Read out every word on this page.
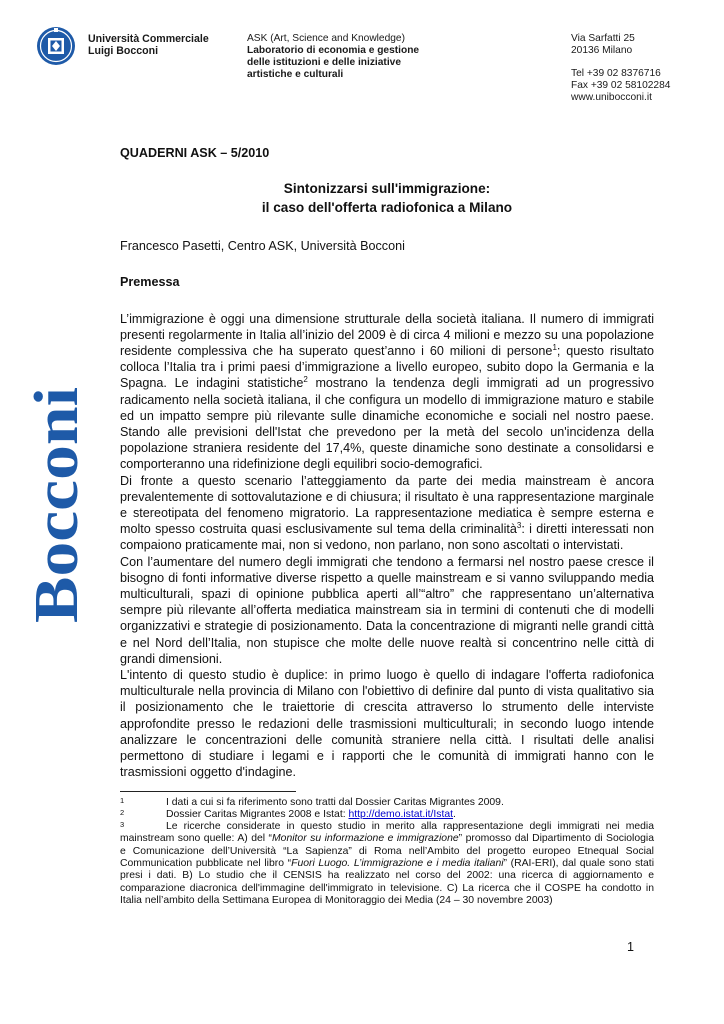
Università Commerciale
Luigi Bocconi
ASK (Art, Science and Knowledge)
Laboratorio di economia e gestione
delle istituzioni e delle iniziative
artistiche e culturali
Via Sarfatti 25
20136 Milano
Tel +39 02 8376716
Fax +39 02 58102284
www.unibocconi.it
Bocconi

QUADERNI ASK – 5/2010

Sintonizzarsi sull'immigrazione:
il caso dell'offerta radiofonica a Milano

Francesco Pasetti, Centro ASK, Università Bocconi

Premessa

L’immigrazione è oggi una dimensione strutturale della società italiana. Il numero di immigrati presenti regolarmente in Italia all’inizio del 2009 è di circa 4 milioni e mezzo su una popolazione residente complessiva che ha superato quest’anno i 60 milioni di persone$^1$; questo risultato colloca l’Italia tra i primi paesi d’immigrazione a livello europeo, subito dopo la Germania e la Spagna. Le indagini statistiche$^2$ mostrano la tendenza degli immigrati ad un progressivo radicamento nella società italiana, il che configura un modello di immigrazione maturo e stabile ed un impatto sempre più rilevante sulle dinamiche economiche e sociali nel nostro paese. Stando alle previsioni dell'Istat che prevedono per la metà del secolo un'incidenza della popolazione straniera residente del 17,4%, queste dinamiche sono destinate a consolidarsi e comporteranno una ridefinizione degli equilibri socio-demografici.

Di fronte a questo scenario l’atteggiamento da parte dei media mainstream è ancora prevalentemente di sottovalutazione e di chiusura; il risultato è una rappresentazione marginale e stereotipata del fenomeno migratorio. La rappresentazione mediatica è sempre esterna e molto spesso costruita quasi esclusivamente sul tema della criminalità$^3$: i diretti interessati non compaiono praticamente mai, non si vedono, non parlano, non sono ascoltati o intervistati.

Con l’aumentare del numero degli immigrati che tendono a fermarsi nel nostro paese cresce il bisogno di fonti informative diverse rispetto a quelle mainstream e si vanno sviluppando media multiculturali, spazi di opinione pubblica aperti all’“altro” che rappresentano un’alternativa sempre più rilevante all’offerta mediatica mainstream sia in termini di contenuti che di modelli organizzativi e strategie di posizionamento. Data la concentrazione di migranti nelle grandi città e nel Nord dell’Italia, non stupisce che molte delle nuove realtà si concentrino nelle città di grandi dimensioni.

L'intento di questo studio è duplice: in primo luogo è quello di indagare l'offerta radiofonica multiculturale nella provincia di Milano con l'obiettivo di definire dal punto di vista qualitativo sia il posizionamento che le traiettorie di crescita attraverso lo strumento delle interviste approfondite presso le redazioni delle trasmissioni multiculturali; in secondo luogo intende analizzare le concentrazioni delle comunità straniere nella città. I risultati delle analisi permettono di studiare i legami e i rapporti che le comunità di immigrati hanno con le trasmissioni oggetto d'indagine.

1	I dati a cui si fa riferimento sono tratti dal Dossier Caritas Migrantes 2009.

2	Dossier Caritas Migrantes 2008 e Istat: http://demo.istat.it/Istat.

3	Le ricerche considerate in questo studio in merito alla rappresentazione degli immigrati nei media mainstream sono quelle: A) del “Monitor su informazione e immigrazione” promosso dal Dipartimento di Sociologia e Comunicazione dell’Università “La Sapienza” di Roma nell’Ambito del progetto europeo Etnequal Social Communication pubblicate nel libro “Fuori Luogo. L’immigrazione e i media italiani” (RAI-ERI), dal quale sono stati presi i dati. B) Lo studio che il CENSIS ha realizzato nel corso del 2002: una ricerca di aggiornamento e comparazione diacronica dell'immagine dell'immigrato in televisione. C) La ricerca che il COSPE ha condotto in Italia nell’ambito della Settimana Europea di Monitoraggio dei Media (24 – 30 novembre 2003)

1
